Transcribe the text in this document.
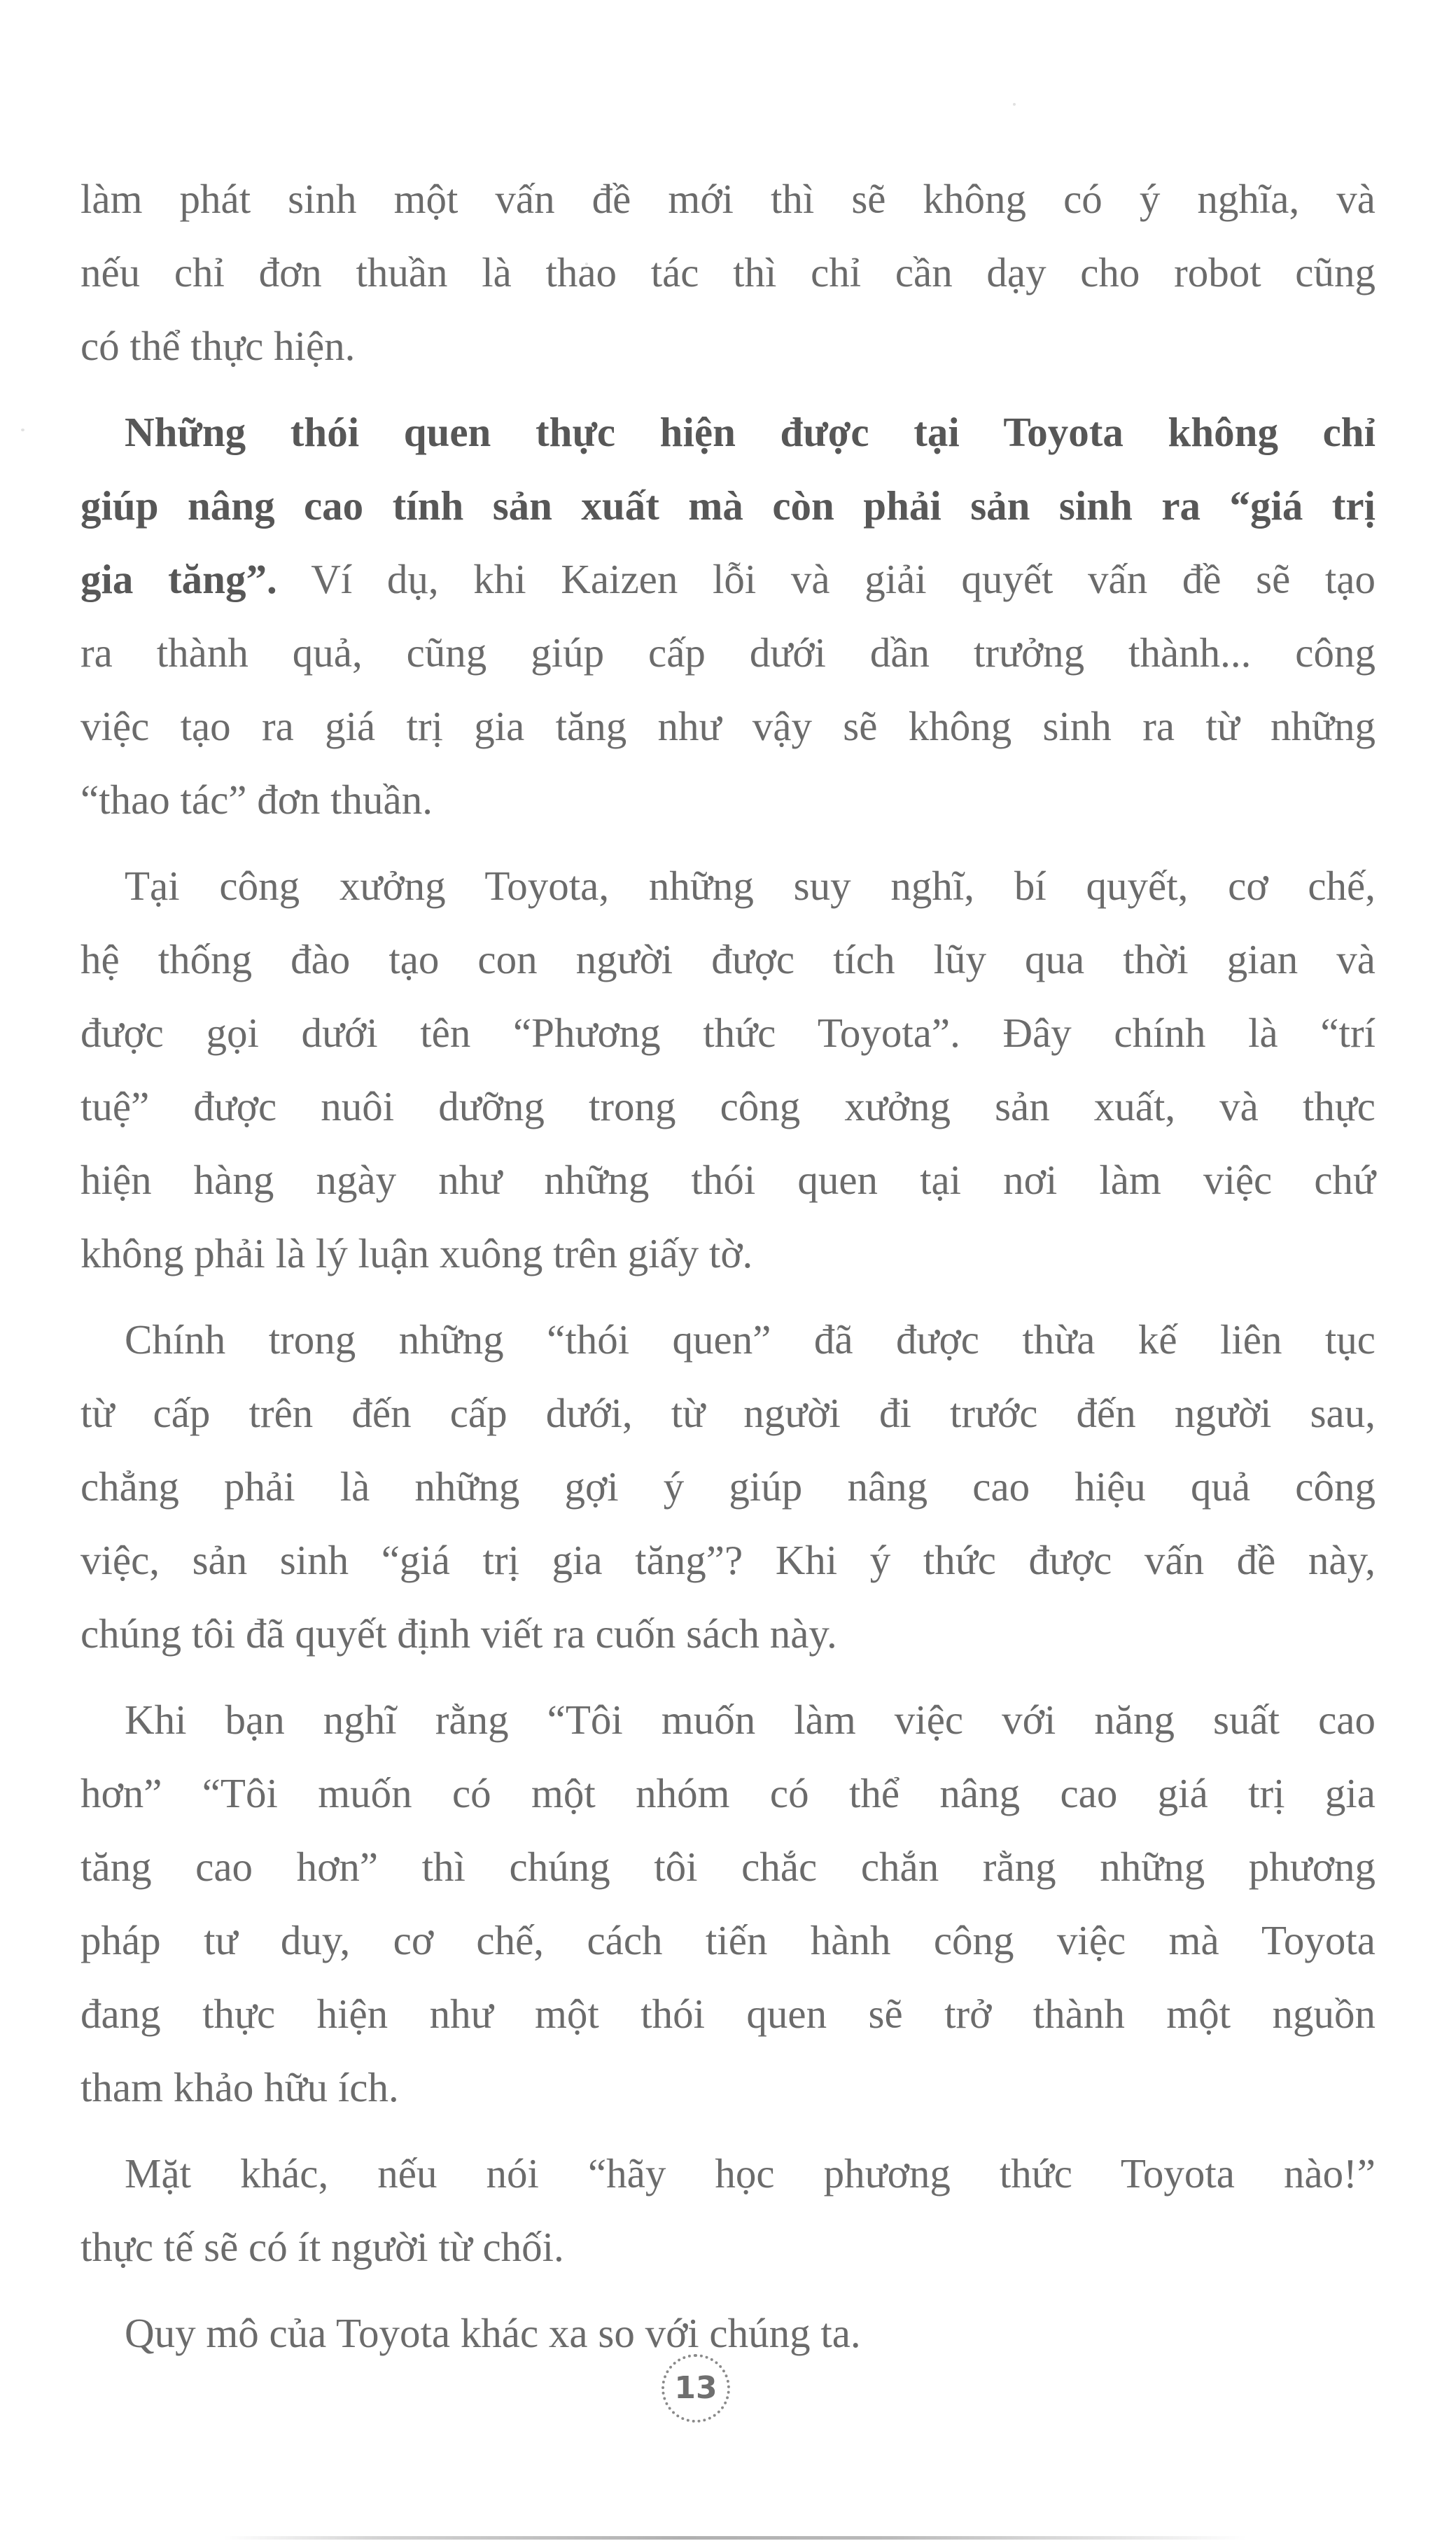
làm phát sinh một vấn đề mới thì sẽ không có ý nghĩa, và
nếu chỉ đơn thuần là thao tác thì chỉ cần dạy cho robot cũng
có thể thực hiện.
Những thói quen thực hiện được tại Toyota không chỉ
giúp nâng cao tính sản xuất mà còn phải sản sinh ra “giá trị
gia tăng”. Ví dụ, khi Kaizen lỗi và giải quyết vấn đề sẽ tạo
ra thành quả, cũng giúp cấp dưới dần trưởng thành... công
việc tạo ra giá trị gia tăng như vậy sẽ không sinh ra từ những
“thao tác” đơn thuần.
Tại công xưởng Toyota, những suy nghĩ, bí quyết, cơ chế,
hệ thống đào tạo con người được tích lũy qua thời gian và
được gọi dưới tên “Phương thức Toyota”. Đây chính là “trí
tuệ” được nuôi dưỡng trong công xưởng sản xuất, và thực
hiện hàng ngày như những thói quen tại nơi làm việc chứ
không phải là lý luận xuông trên giấy tờ.
Chính trong những “thói quen” đã được thừa kế liên tục
từ cấp trên đến cấp dưới, từ người đi trước đến người sau,
chẳng phải là những gợi ý giúp nâng cao hiệu quả công
việc, sản sinh “giá trị gia tăng”? Khi ý thức được vấn đề này,
chúng tôi đã quyết định viết ra cuốn sách này.
Khi bạn nghĩ rằng “Tôi muốn làm việc với năng suất cao
hơn” “Tôi muốn có một nhóm có thể nâng cao giá trị gia
tăng cao hơn” thì chúng tôi chắc chắn rằng những phương
pháp tư duy, cơ chế, cách tiến hành công việc mà Toyota
đang thực hiện như một thói quen sẽ trở thành một nguồn
tham khảo hữu ích.
Mặt khác, nếu nói “hãy học phương thức Toyota nào!”
thực tế sẽ có ít người từ chối.
Quy mô của Toyota khác xa so với chúng ta.
13
